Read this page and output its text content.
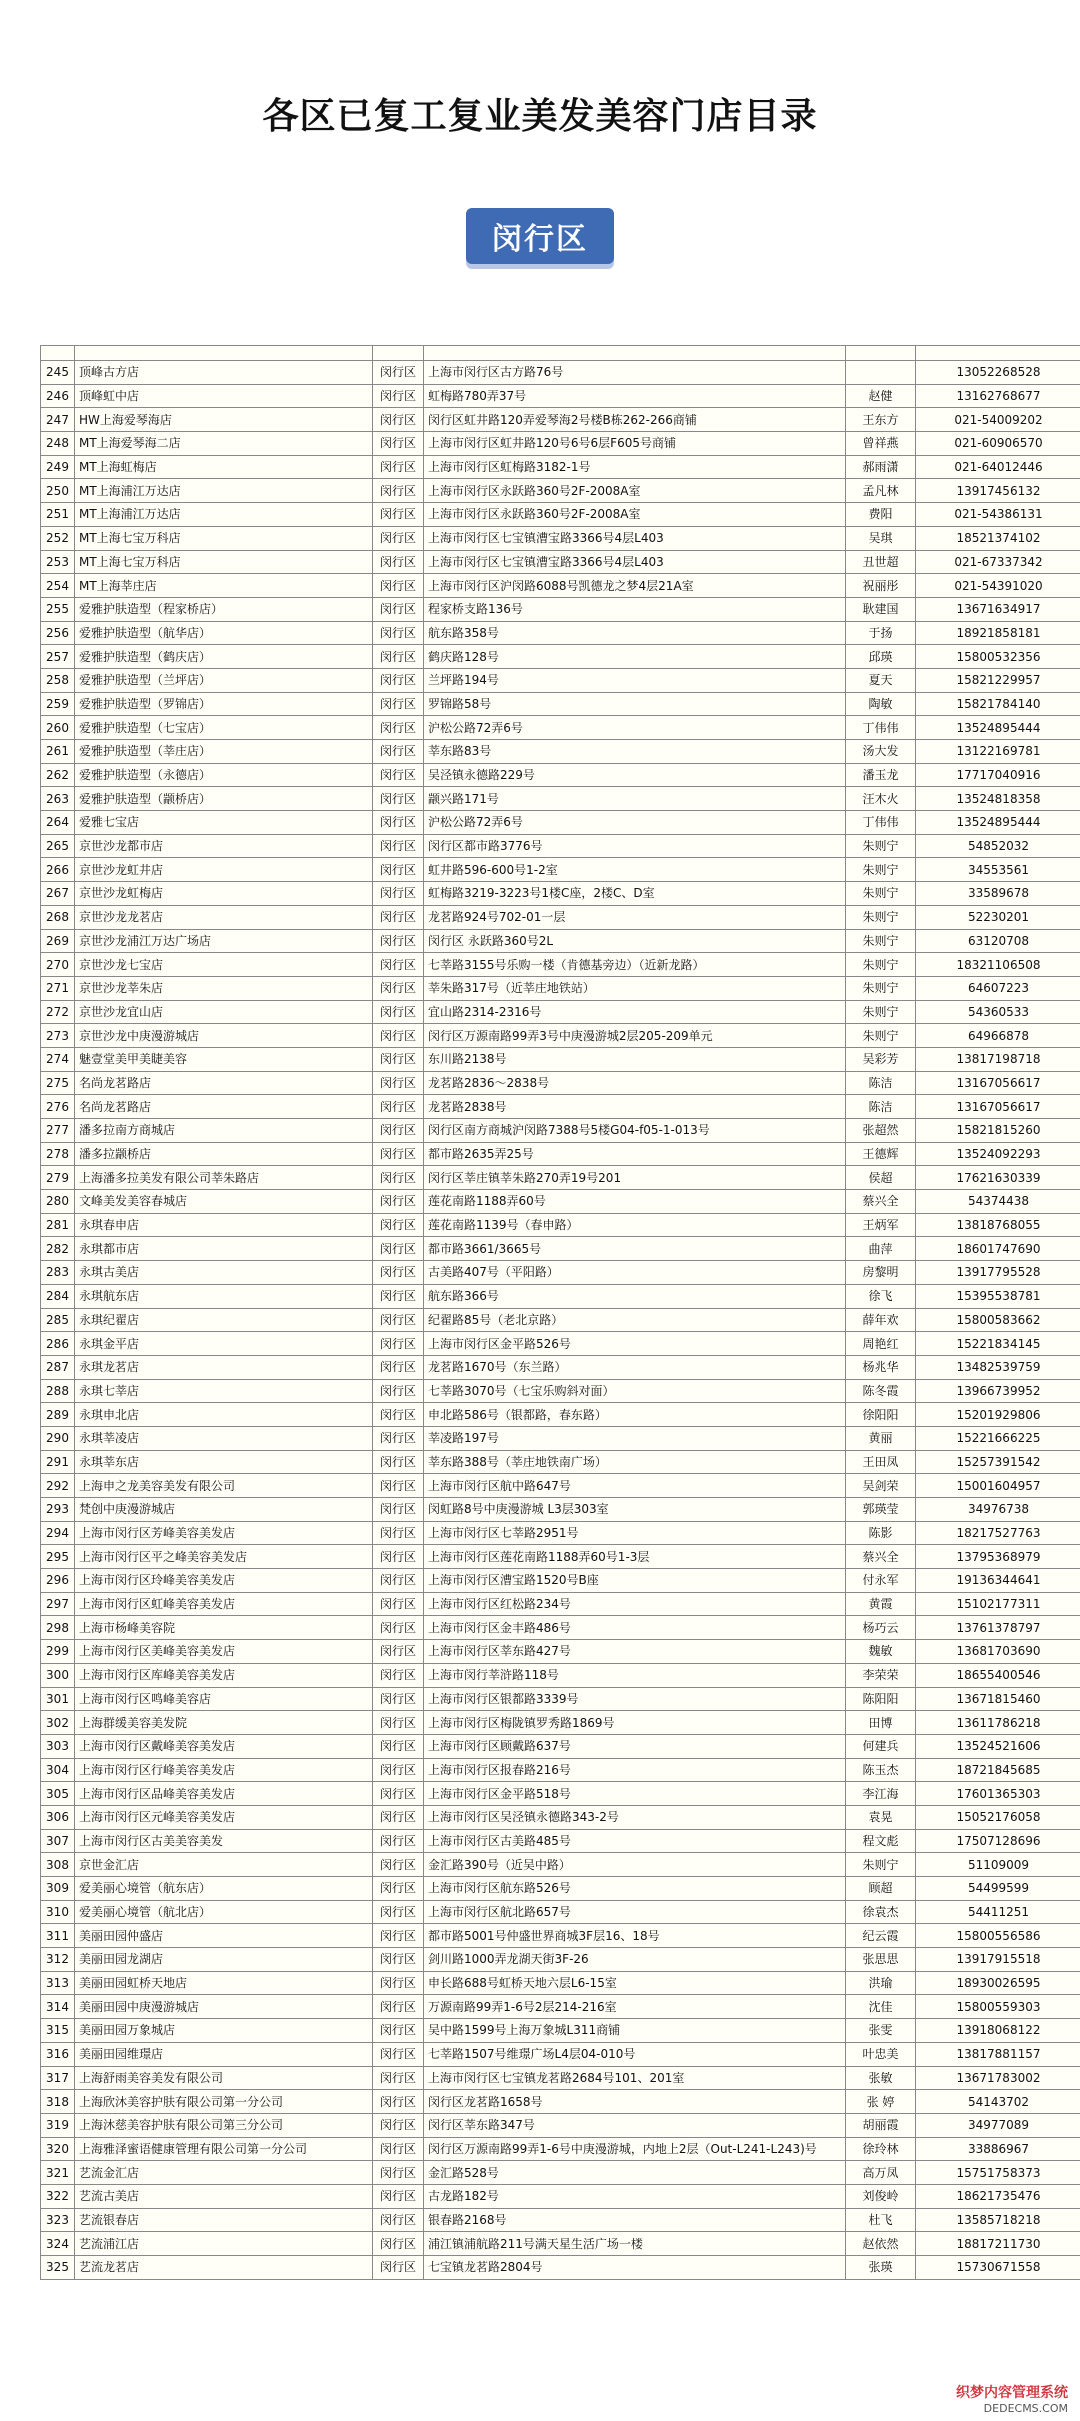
各区已复工复业美发美容门店目录
闵行区

245	顶峰古方店	闵行区	上海市闵行区古方路76号		13052268528
246	顶峰虹中店	闵行区	虹梅路780弄37号	赵健	13162768677
247	HW上海爱琴海店	闵行区	闵行区虹井路120弄爱琴海2号楼B栋262-266商铺	王东方	021-54009202
248	MT上海爱琴海二店	闵行区	上海市闵行区虹井路120号6号6层F605号商铺	曾祥燕	021-60906570
249	MT上海虹梅店	闵行区	上海市闵行区虹梅路3182-1号	郝雨潇	021-64012446
250	MT上海浦江万达店	闵行区	上海市闵行区永跃路360号2F-2008A室	孟凡林	13917456132
251	MT上海浦江万达店	闵行区	上海市闵行区永跃路360号2F-2008A室	费阳	021-54386131
252	MT上海七宝万科店	闵行区	上海市闵行区七宝镇漕宝路3366号4层L403	吴琪	18521374102
253	MT上海七宝万科店	闵行区	上海市闵行区七宝镇漕宝路3366号4层L403	丑世超	021-67337342
254	MT上海莘庄店	闵行区	上海市闵行区沪闵路6088号凯德龙之梦4层21A室	祝丽彤	021-54391020
255	爱雅护肤造型（程家桥店）	闵行区	程家桥支路136号	耿建国	13671634917
256	爱雅护肤造型（航华店）	闵行区	航东路358号	于扬	18921858181
257	爱雅护肤造型（鹤庆店）	闵行区	鹤庆路128号	邱瑛	15800532356
258	爱雅护肤造型（兰坪店）	闵行区	兰坪路194号	夏天	15821229957
259	爱雅护肤造型（罗锦店）	闵行区	罗锦路58号	陶敏	15821784140
260	爱雅护肤造型（七宝店）	闵行区	沪松公路72弄6号	丁伟伟	13524895444
261	爱雅护肤造型（莘庄店）	闵行区	莘东路83号	汤大发	13122169781
262	爱雅护肤造型（永德店）	闵行区	吴泾镇永德路229号	潘玉龙	17717040916
263	爱雅护肤造型（颛桥店）	闵行区	颛兴路171号	汪木火	13524818358
264	爱雅七宝店	闵行区	沪松公路72弄6号	丁伟伟	13524895444
265	京世沙龙都市店	闵行区	闵行区都市路3776号	朱则宁	54852032
266	京世沙龙虹井店	闵行区	虹井路596-600号1-2室	朱则宁	34553561
267	京世沙龙虹梅店	闵行区	虹梅路3219-3223号1楼C座，2楼C、D室	朱则宁	33589678
268	京世沙龙龙茗店	闵行区	龙茗路924号702-01一层	朱则宁	52230201
269	京世沙龙浦江万达广场店	闵行区	闵行区 永跃路360号2L	朱则宁	63120708
270	京世沙龙七宝店	闵行区	七莘路3155号乐购一楼（肯德基旁边）（近新龙路）	朱则宁	18321106508
271	京世沙龙莘朱店	闵行区	莘朱路317号（近莘庄地铁站）	朱则宁	64607223
272	京世沙龙宜山店	闵行区	宜山路2314-2316号	朱则宁	54360533
273	京世沙龙中庚漫游城店	闵行区	闵行区万源南路99弄3号中庚漫游城2层205-209单元	朱则宁	64966878
274	魅壹堂美甲美睫美容	闵行区	东川路2138号	吴彩芳	13817198718
275	名尚龙茗路店	闵行区	龙茗路2836～2838号	陈洁	13167056617
276	名尚龙茗路店	闵行区	龙茗路2838号	陈洁	13167056617
277	潘多拉南方商城店	闵行区	闵行区南方商城沪闵路7388号5楼G04-f05-1-013号	张超然	15821815260
278	潘多拉颛桥店	闵行区	都市路2635弄25号	王德辉	13524092293
279	上海潘多拉美发有限公司莘朱路店	闵行区	闵行区莘庄镇莘朱路270弄19号201	侯超	17621630339
280	文峰美发美容春城店	闵行区	莲花南路1188弄60号	蔡兴全	54374438
281	永琪春申店	闵行区	莲花南路1139号（春申路）	王炳军	13818768055
282	永琪都市店	闵行区	都市路3661/3665号	曲萍	18601747690
283	永琪古美店	闵行区	古美路407号（平阳路）	房黎明	13917795528
284	永琪航东店	闵行区	航东路366号	徐飞	15395538781
285	永琪纪翟店	闵行区	纪翟路85号（老北京路）	薛年欢	15800583662
286	永琪金平店	闵行区	上海市闵行区金平路526号	周艳红	15221834145
287	永琪龙茗店	闵行区	龙茗路1670号（东兰路）	杨兆华	13482539759
288	永琪七莘店	闵行区	七莘路3070号（七宝乐购斜对面）	陈冬霞	13966739952
289	永琪申北店	闵行区	申北路586号（银都路，春东路）	徐阳阳	15201929806
290	永琪莘凌店	闵行区	莘凌路197号	黄丽	15221666225
291	永琪莘东店	闵行区	莘东路388号（莘庄地铁南广场）	王田凤	15257391542
292	上海申之龙美容美发有限公司	闵行区	上海市闵行区航中路647号	吴剑荣	15001604957
293	梵创中庚漫游城店	闵行区	闵虹路8号中庚漫游城 L3层303室	郭瑛莹	34976738
294	上海市闵行区芳峰美容美发店	闵行区	上海市闵行区七莘路2951号	陈影	18217527763
295	上海市闵行区平之峰美容美发店	闵行区	上海市闵行区莲花南路1188弄60号1-3层	蔡兴全	13795368979
296	上海市闵行区玲峰美容美发店	闵行区	上海市闵行区漕宝路1520号B座	付永军	19136344641
297	上海市闵行区虹峰美容美发店	闵行区	上海市闵行区红松路234号	黄霞	15102177311
298	上海市杨峰美容院	闵行区	上海市闵行区金丰路486号	杨巧云	13761378797
299	上海市闵行区美峰美容美发店	闵行区	上海市闵行区莘东路427号	魏敏	13681703690
300	上海市闵行区库峰美容美发店	闵行区	上海市闵行莘浒路118号	李荣荣	18655400546
301	上海市闵行区鸣峰美容店	闵行区	上海市闵行区银都路3339号	陈阳阳	13671815460
302	上海群缓美容美发院	闵行区	上海市闵行区梅陇镇罗秀路1869号	田博	13611786218
303	上海市闵行区戴峰美容美发店	闵行区	上海市闵行区顾戴路637号	何建兵	13524521606
304	上海市闵行区行峰美容美发店	闵行区	上海市闵行区报春路216号	陈玉杰	18721845685
305	上海市闵行区品峰美容美发店	闵行区	上海市闵行区金平路518号	李江海	17601365303
306	上海市闵行区元峰美容美发店	闵行区	上海市闵行区吴泾镇永德路343-2号	袁晃	15052176058
307	上海市闵行区古美美容美发	闵行区	上海市闵行区古美路485号	程文彪	17507128696
308	京世金汇店	闵行区	金汇路390号（近吴中路）	朱则宁	51109009
309	爱美丽心境管（航东店）	闵行区	上海市闵行区航东路526号	顾超	54499599
310	爱美丽心境管（航北店）	闵行区	上海市闵行区航北路657号	徐袁杰	54411251
311	美丽田园仲盛店	闵行区	都市路5001号仲盛世界商城3F层16、18号	纪云霞	15800556586
312	美丽田园龙湖店	闵行区	剑川路1000弄龙湖天街3F-26	张思思	13917915518
313	美丽田园虹桥天地店	闵行区	申长路688号虹桥天地六层L6-15室	洪瑜	18930026595
314	美丽田园中庚漫游城店	闵行区	万源南路99弄1-6号2层214-216室	沈佳	15800559303
315	美丽田园万象城店	闵行区	吴中路1599号上海万象城L311商铺	张雯	13918068122
316	美丽田园维璟店	闵行区	七莘路1507号维璟广场L4层04-010号	叶忠美	13817881157
317	上海舒雨美容美发有限公司	闵行区	上海市闵行区七宝镇龙茗路2684号101、201室	张敏	13671783002
318	上海欣沐美容护肤有限公司第一分公司	闵行区	闵行区龙茗路1658号	张 婷	54143702
319	上海沐慈美容护肤有限公司第三分公司	闵行区	闵行区莘东路347号	胡丽霞	34977089
320	上海雅泽蜜语健康管理有限公司第一分公司	闵行区	闵行区万源南路99弄1-6号中庚漫游城，内地上2层（Out-L241-L243)号	徐玲林	33886967
321	艺流金汇店	闵行区	金汇路528号	高万凤	15751758373
322	艺流古美店	闵行区	古龙路182号	刘俊岭	18621735476
323	艺流银春店	闵行区	银春路2168号	杜飞	13585718218
324	艺流浦江店	闵行区	浦江镇浦航路211号满天星生活广场一楼	赵依然	18817211730
325	艺流龙茗店	闵行区	七宝镇龙茗路2804号	张瑛	15730671558
织梦内容管理系统
DEDECMS.COM
